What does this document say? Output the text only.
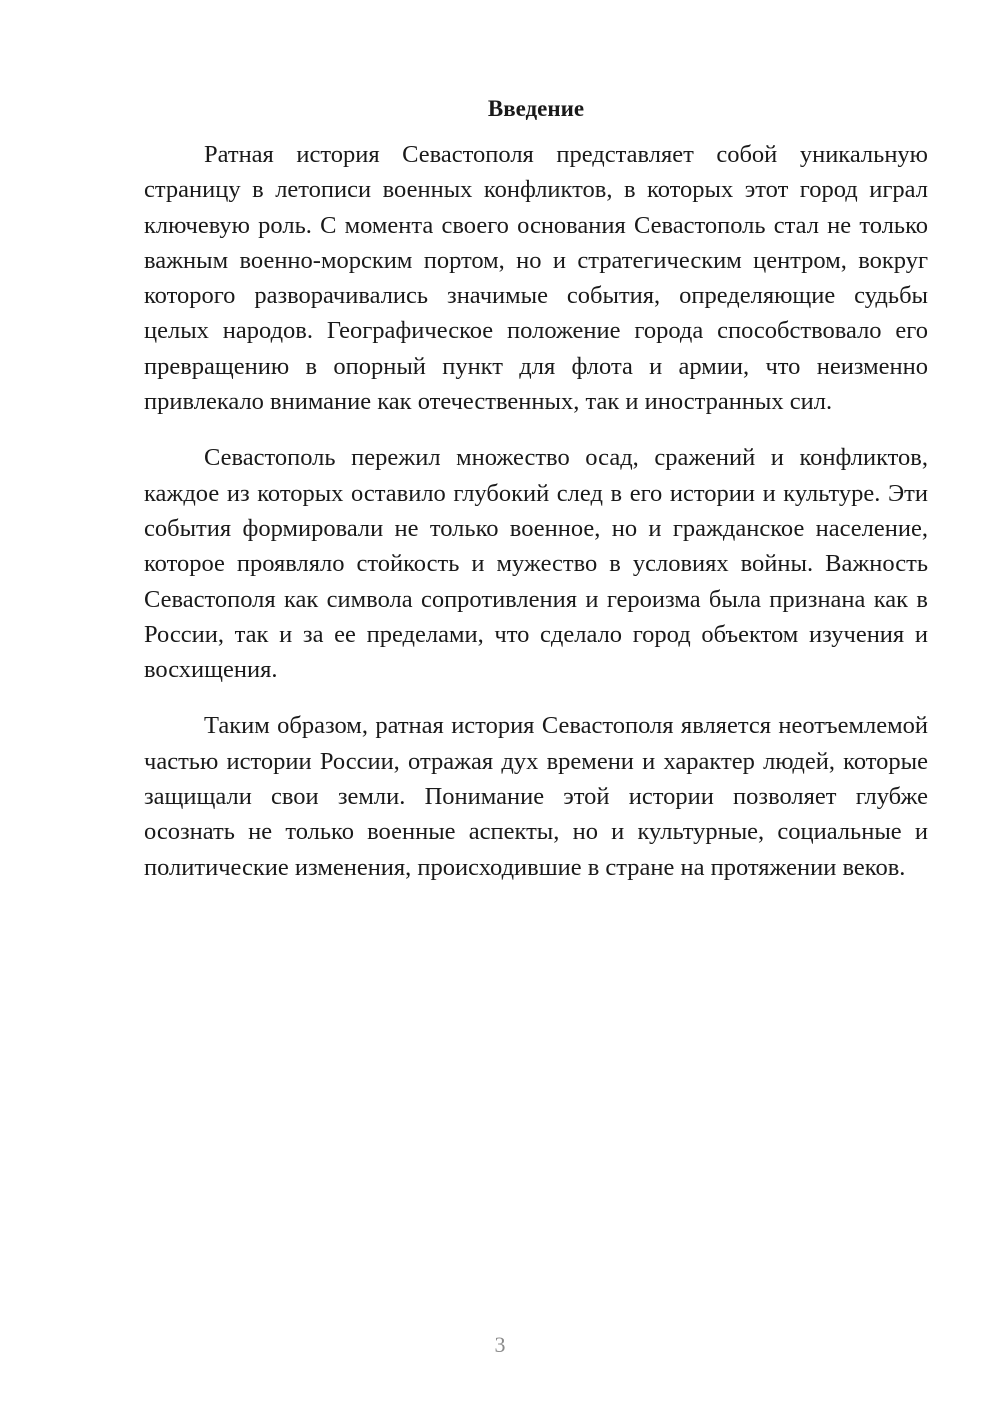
Введение

Ратная история Севастополя представляет собой уникальную страницу в летописи военных конфликтов, в которых этот город играл ключевую роль. С момента своего основания Севастополь стал не только важным военно-морским портом, но и стратегическим центром, вокруг которого разворачивались значимые события, определяющие судьбы целых народов. Географическое положение города способствовало его превращению в опорный пункт для флота и армии, что неизменно привлекало внимание как отечественных, так и иностранных сил.

Севастополь пережил множество осад, сражений и конфликтов, каждое из которых оставило глубокий след в его истории и культуре. Эти события формировали не только военное, но и гражданское население, которое проявляло стойкость и мужество в условиях войны. Важность Севастополя как символа сопротивления и героизма была признана как в России, так и за ее пределами, что сделало город объектом изучения и восхищения.

Таким образом, ратная история Севастополя является неотъемлемой частью истории России, отражая дух времени и характер людей, которые защищали свои земли. Понимание этой истории позволяет глубже осознать не только военные аспекты, но и культурные, социальные и политические изменения, происходившие в стране на протяжении веков.

3
